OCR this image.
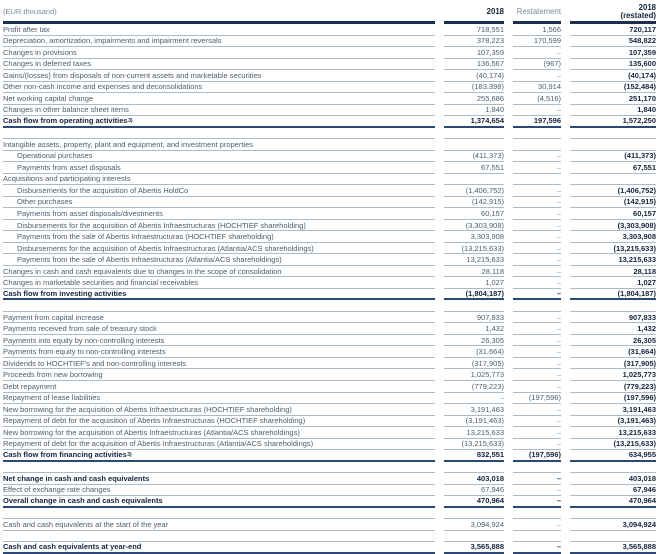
(EUR thousand)	2018	Restatement	2018
(restated)
Profit after tax	718,551	1,566	720,117
Depreciation, amortization, impairments and impairment reversals	378,223	170,599	548,822
Changes in provisions	107,359	–	107,359
Changes in deferred taxes	136,567	(967)	135,600
Gains/(losses) from disposals of non-current assets and marketable securities	(40,174)	–	(40,174)
Other non-cash income and expenses and deconsolidations	(183,398)	30,914	(152,484)
Net working capital change	255,686	(4,516)	251,170
Changes in other balance sheet items	1,840	–	1,840
Cash flow from operating activities 3)	1,374,654	197,596	1,572,250
Intangible assets, property, plant and equipment, and investment properties
Operational purchases	(411,373)	–	(411,373)
Payments from asset disposals	67,551	–	67,551
Acquisitions and participating interests
Disbursements for the acquisition of Abertis HoldCo	(1,406,752)	–	(1,406,752)
Other purchases	(142,915)	–	(142,915)
Payments from asset disposals/divestments	60,157	–	60,157
Disbursements for the acquisition of Abertis Infraestructuras (HOCHTIEF shareholding)	(3,303,908)	–	(3,303,908)
Payments from the sale of Abertis Infraestructuras (HOCHTIEF shareholding)	3,303,908	–	3,303,908
Disbursements for the acquisition of Abertis Infraestructuras (Atlantia/ACS shareholdings)	(13,215,633)	–	(13,215,633)
Payments from the sale of Abertis Infraestructuras (Atlantia/ACS shareholdings)	13,215,633	–	13,215,633
Changes in cash and cash equivalents due to changes in the scope of consolidation	28,118	–	28,118
Changes in marketable securities and financial receivables	1,027	–	1,027
Cash flow from investing activities	(1,804,187)	–	(1,804,187)
Payment from capital increase	907,833	–	907,833
Payments received from sale of treasury stock	1,432	–	1,432
Payments into equity by non-controlling interests	26,305	–	26,305
Payments from equity to non-controlling interests	(31,664)	–	(31,664)
Dividends to HOCHTIEF's and non-controlling interests	(317,905)	–	(317,905)
Proceeds from new borrowing	1,025,773	–	1,025,773
Debt repayment	(779,223)	–	(779,223)
Repayment of lease liabilities	–	(197,596)	(197,596)
New borrowing for the acquisition of Abertis Infraestructuras (HOCHTIEF shareholding)	3,191,463	–	3,191,463
Repayment of debt for the acquisition of Abertis Infraestructuras (HOCHTIEF shareholding)	(3,191,463)	–	(3,191,463)
New borrowing for the acquisition of Abertis Infraestructuras (Atlantia/ACS shareholdings)	13,215,633	–	13,215,633
Repayment of debt for the acquisition of Abertis Infraestructuras (Atlantia/ACS shareholdings)	(13,215,633)	–	(13,215,633)
Cash flow from financing activities 3)	832,551	(197,596)	634,955
Net change in cash and cash equivalents	403,018	–	403,018
Effect of exchange rate changes	67,946	–	67,946
Overall change in cash and cash equivalents	470,964	–	470,964
Cash and cash equivalents at the start of the year	3,094,924	–	3,094,924
Cash and cash equivalents at year-end	3,565,888	–	3,565,888
